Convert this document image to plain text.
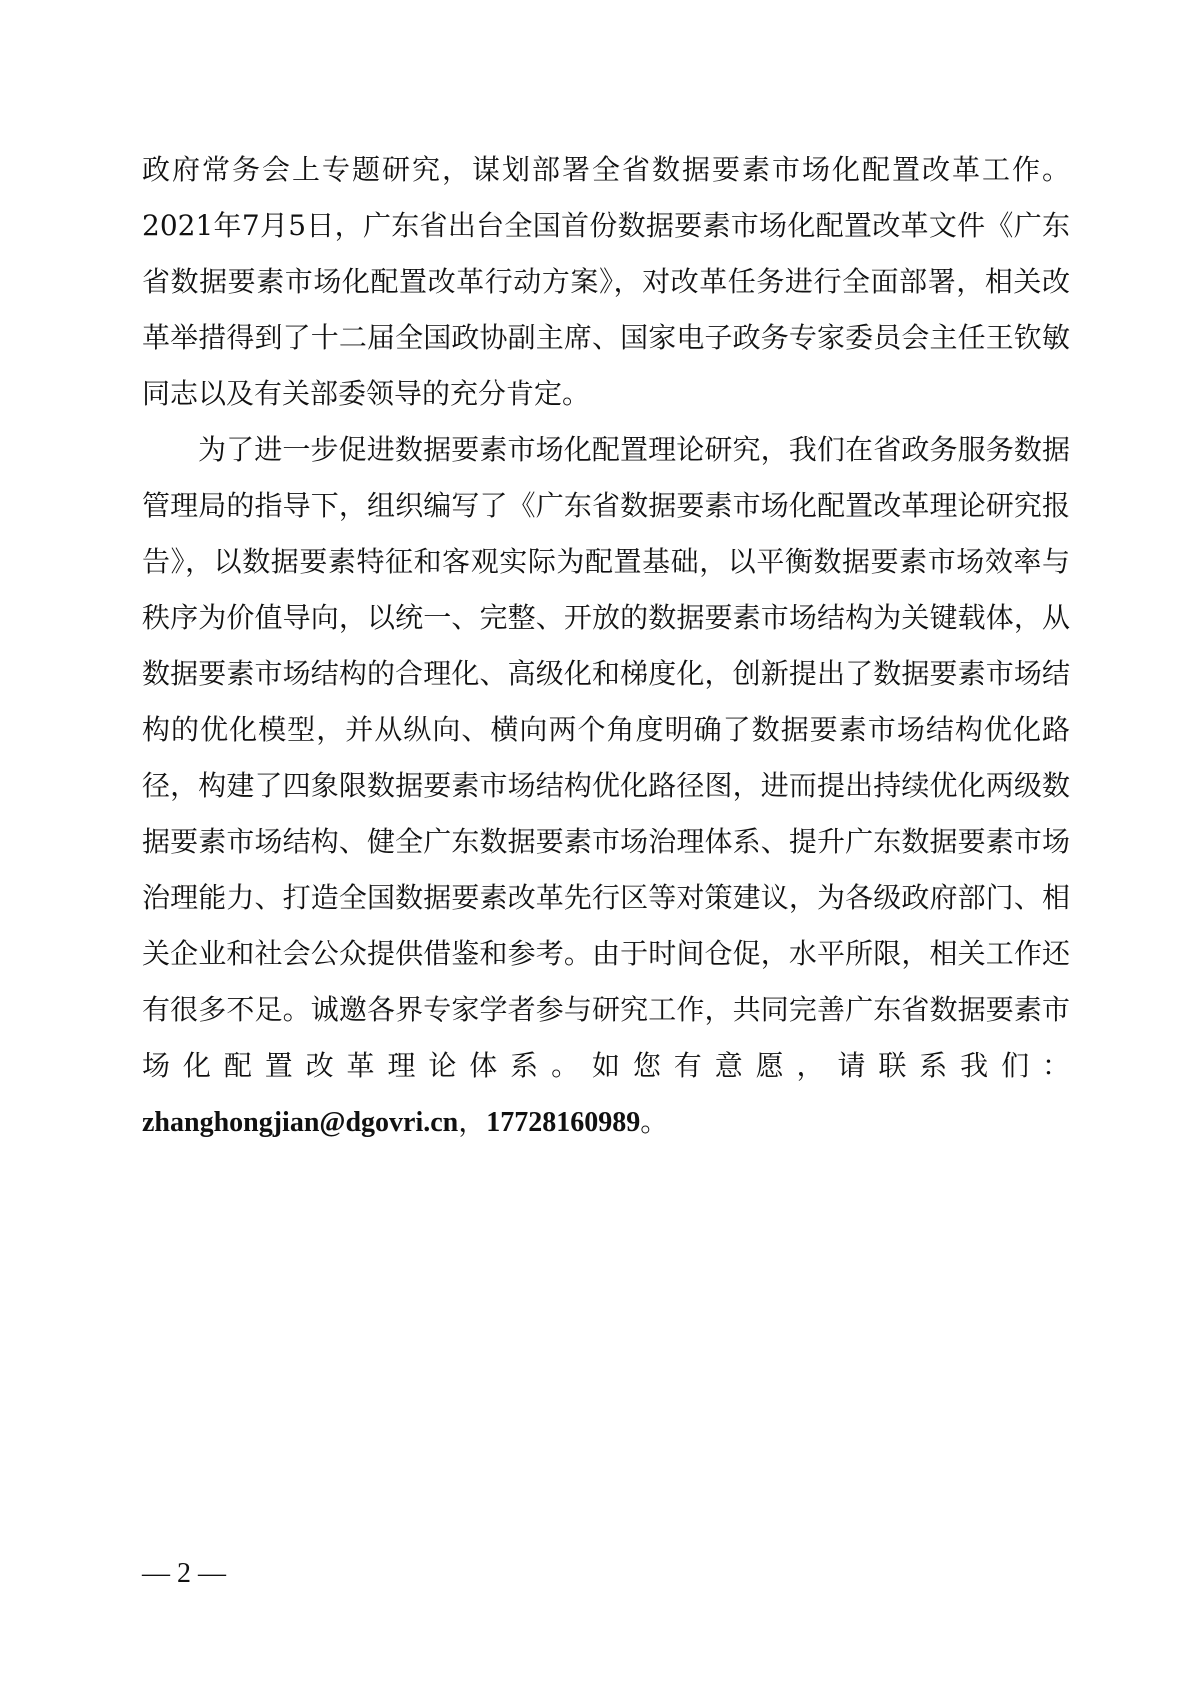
政府常务会上专题研究，谋划部署全省数据要素市场化配置改革工作。2021年7月5日，广东省出台全国首份数据要素市场化配置改革文件《广东省数据要素市场化配置改革行动方案》，对改革任务进行全面部署，相关改革举措得到了十二届全国政协副主席、国家电子政务专家委员会主任王钦敏同志以及有关部委领导的充分肯定。

为了进一步促进数据要素市场化配置理论研究，我们在省政务服务数据管理局的指导下，组织编写了《广东省数据要素市场化配置改革理论研究报告》，以数据要素特征和客观实际为配置基础，以平衡数据要素市场效率与秩序为价值导向，以统一、完整、开放的数据要素市场结构为关键载体，从数据要素市场结构的合理化、高级化和梯度化，创新提出了数据要素市场结构的优化模型，并从纵向、横向两个角度明确了数据要素市场结构优化路径，构建了四象限数据要素市场结构优化路径图，进而提出持续优化两级数据要素市场结构、健全广东数据要素市场治理体系、提升广东数据要素市场治理能力、打造全国数据要素改革先行区等对策建议，为各级政府部门、相关企业和社会公众提供借鉴和参考。由于时间仓促，水平所限，相关工作还有很多不足。诚邀各界专家学者参与研究工作，共同完善广东省数据要素市场化配置改革理论体系。如您有意愿，请联系我们：zhanghongjian@dgovri.cn，17728160989。

— 2 —
